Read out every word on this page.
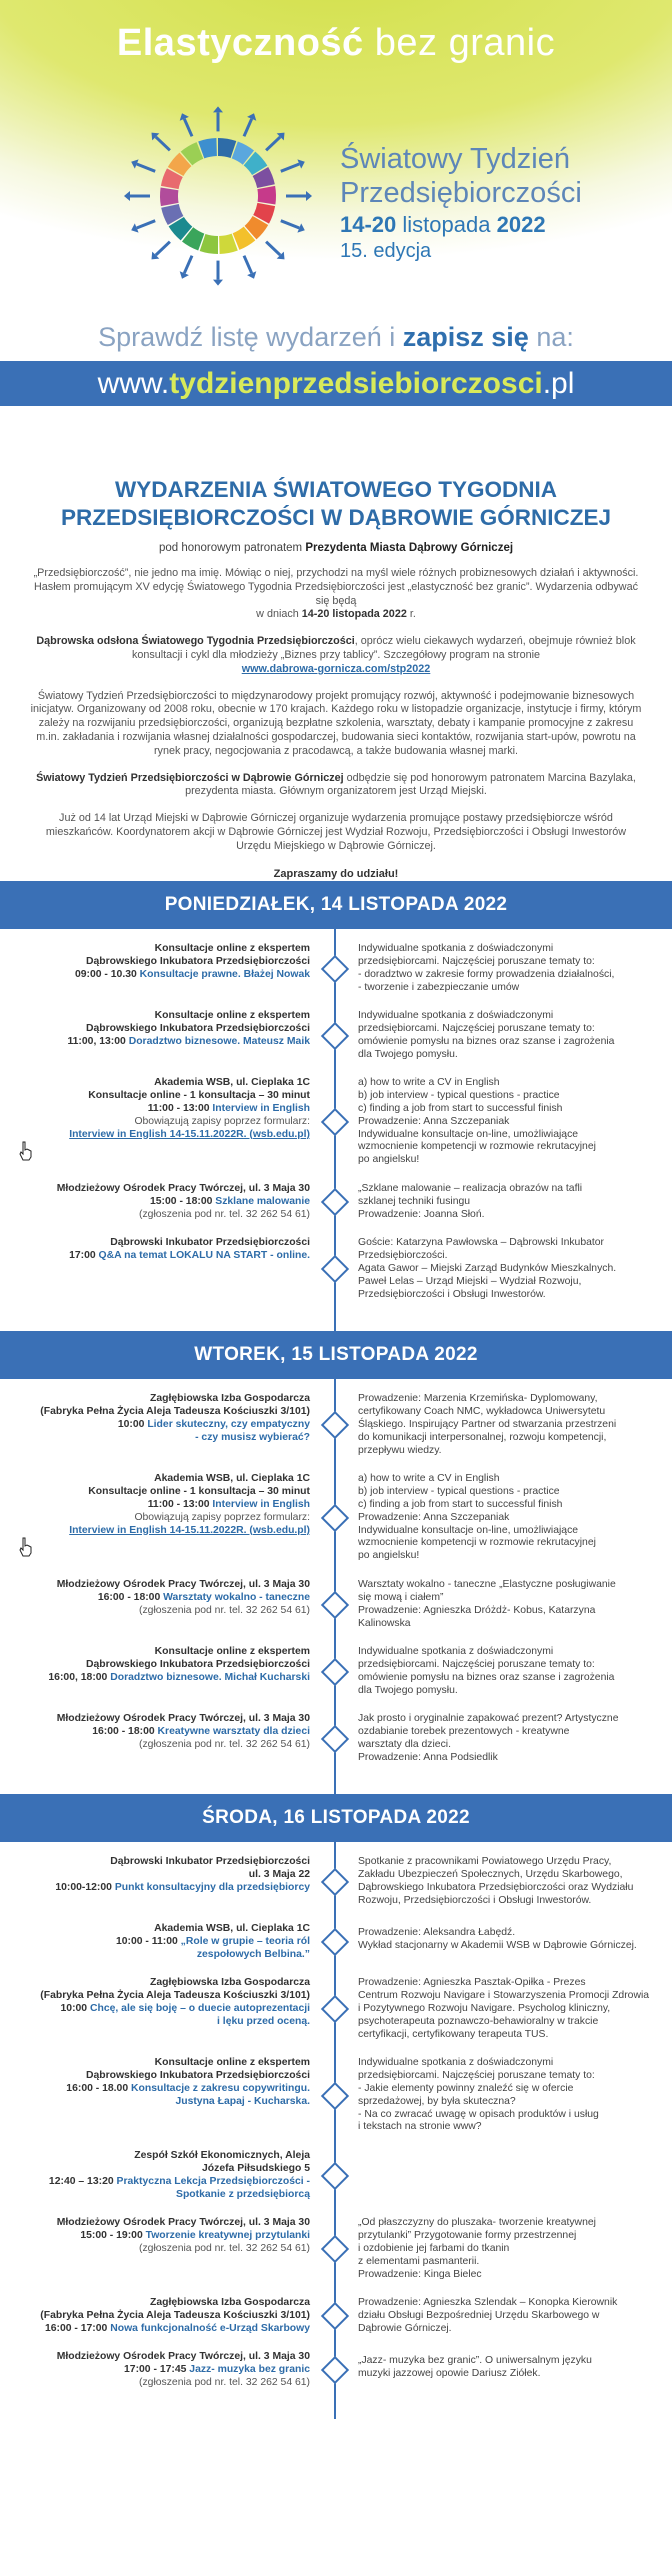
Elastyczność bez granic
Światowy Tydzień
Przedsiębiorczości
14-20 listopada 2022
15. edycja
Sprawdź listę wydarzeń i zapisz się na:
www.tydzienprzedsiebiorczosci.pl
WYDARZENIA ŚWIATOWEGO TYGODNIA
PRZEDSIĘBIORCZOŚCI W DĄBROWIE GÓRNICZEJ
pod honorowym patronatem Prezydenta Miasta Dąbrowy Górniczej

„Przedsiębiorczość”, nie jedno ma imię. Mówiąc o niej, przychodzi na myśl wiele różnych probiznesowych działań i aktywności. Hasłem promującym XV edycję Światowego Tygodnia Przedsiębiorczości jest „elastyczność bez granic”. Wydarzenia odbywać się będą
w dniach 14-20 listopada 2022 r.

Dąbrowska odsłona Światowego Tygodnia Przedsiębiorczości, oprócz wielu ciekawych wydarzeń, obejmuje również blok konsultacji i cykl dla młodzieży „Biznes przy tablicy”. Szczegółowy program na stronie
www.dabrowa-gornicza.com/stp2022

Światowy Tydzień Przedsiębiorczości to międzynarodowy projekt promujący rozwój, aktywność i podejmowanie biznesowych inicjatyw. Organizowany od 2008 roku, obecnie w 170 krajach. Każdego roku w listopadzie organizacje, instytucje i firmy, którym zależy na rozwijaniu przedsiębiorczości, organizują bezpłatne szkolenia, warsztaty, debaty i kampanie promocyjne z zakresu m.in. zakładania i rozwijania własnej działalności gospodarczej, budowania sieci kontaktów, rozwijania start-upów, powrotu na rynek pracy, negocjowania z pracodawcą, a także budowania własnej marki.

Światowy Tydzień Przedsiębiorczości w Dąbrowie Górniczej odbędzie się pod honorowym patronatem Marcina Bazylaka, prezydenta miasta. Głównym organizatorem jest Urząd Miejski.

Już od 14 lat Urząd Miejski w Dąbrowie Górniczej organizuje wydarzenia promujące postawy przedsiębiorcze wśród mieszkańców. Koordynatorem akcji w Dąbrowie Górniczej jest Wydział Rozwoju, Przedsiębiorczości i Obsługi Inwestorów Urzędu Miejskiego w Dąbrowie Górniczej.

Zapraszamy do udziału!

PONIEDZIAŁEK, 14 LISTOPADA 2022
Konsultacje online z ekspertem
Dąbrowskiego Inkubatora Przedsiębiorczości
09:00 - 10.30 Konsultacje prawne. Błażej Nowak
Indywidualne spotkania z doświadczonymi
przedsiębiorcami. Najczęściej poruszane tematy to:
- doradztwo w zakresie formy prowadzenia działalności,
- tworzenie i zabezpieczanie umów
Konsultacje online z ekspertem
Dąbrowskiego Inkubatora Przedsiębiorczości
11:00, 13:00 Doradztwo biznesowe. Mateusz Maik
Indywidualne spotkania z doświadczonymi
przedsiębiorcami. Najczęściej poruszane tematy to:
omówienie pomysłu na biznes oraz szanse i zagrożenia
dla Twojego pomysłu.
Akademia WSB, ul. Cieplaka 1C
Konsultacje online - 1 konsultacja – 30 minut
11:00 - 13:00 Interview in English
Obowiązują zapisy poprzez formularz:
Interview in English 14-15.11.2022R. (wsb.edu.pl)
a) how to write a CV in English
b) job interview - typical questions - practice
c) finding a job from start to successful finish
Prowadzenie: Anna Szczepaniak
Indywidualne konsultacje on-line, umożliwiające
wzmocnienie kompetencji w rozmowie rekrutacyjnej
po angielsku!
Młodzieżowy Ośrodek Pracy Twórczej, ul. 3 Maja 30
15:00 - 18:00 Szklane malowanie
(zgłoszenia pod nr. tel. 32 262 54 61)
„Szklane malowanie – realizacja obrazów na tafli
szklanej techniki fusingu
Prowadzenie: Joanna Słoń.
Dąbrowski Inkubator Przedsiębiorczości
17:00 Q&A na temat LOKALU NA START - online.
Goście: Katarzyna Pawłowska – Dąbrowski Inkubator
Przedsiębiorczości.
Agata Gawor – Miejski Zarząd Budynków Mieszkalnych.
Paweł Lelas – Urząd Miejski – Wydział Rozwoju,
Przedsiębiorczości i Obsługi Inwestorów.
WTOREK, 15 LISTOPADA 2022
Zagłębiowska Izba Gospodarcza
(Fabryka Pełna Życia Aleja Tadeusza Kościuszki 3/101)
10:00 Lider skuteczny, czy empatyczny
- czy musisz wybierać?
Prowadzenie: Marzenia Krzemińska- Dyplomowany,
certyfikowany Coach NMC, wykładowca Uniwersytetu
Śląskiego. Inspirujący Partner od stwarzania przestrzeni
do komunikacji interpersonalnej, rozwoju kompetencji,
przepływu wiedzy.
Akademia WSB, ul. Cieplaka 1C
Konsultacje online - 1 konsultacja – 30 minut
11:00 - 13:00 Interview in English
Obowiązują zapisy poprzez formularz:
Interview in English 14-15.11.2022R. (wsb.edu.pl)
a) how to write a CV in English
b) job interview - typical questions - practice
c) finding a job from start to successful finish
Prowadzenie: Anna Szczepaniak
Indywidualne konsultacje on-line, umożliwiające
wzmocnienie kompetencji w rozmowie rekrutacyjnej
po angielsku!
Młodzieżowy Ośrodek Pracy Twórczej, ul. 3 Maja 30
16:00 - 18:00 Warsztaty wokalno - taneczne
(zgłoszenia pod nr. tel. 32 262 54 61)
Warsztaty wokalno - taneczne „Elastyczne posługiwanie
się mową i ciałem”
Prowadzenie: Agnieszka Dróżdż- Kobus, Katarzyna
Kalinowska
Konsultacje online z ekspertem
Dąbrowskiego Inkubatora Przedsiębiorczości
16:00, 18:00 Doradztwo biznesowe. Michał Kucharski
Indywidualne spotkania z doświadczonymi
przedsiębiorcami. Najczęściej poruszane tematy to:
omówienie pomysłu na biznes oraz szanse i zagrożenia
dla Twojego pomysłu.
Młodzieżowy Ośrodek Pracy Twórczej, ul. 3 Maja 30
16:00 - 18:00 Kreatywne warsztaty dla dzieci
(zgłoszenia pod nr. tel. 32 262 54 61)
Jak prosto i oryginalnie zapakować prezent? Artystyczne
ozdabianie torebek prezentowych - kreatywne
warsztaty dla dzieci.
Prowadzenie: Anna Podsiedlik
ŚRODA, 16 LISTOPADA 2022
Dąbrowski Inkubator Przedsiębiorczości
ul. 3 Maja 22
10:00-12:00 Punkt konsultacyjny dla przedsiębiorcy
Spotkanie z pracownikami Powiatowego Urzędu Pracy,
Zakładu Ubezpieczeń Społecznych, Urzędu Skarbowego,
Dąbrowskiego Inkubatora Przedsiębiorczości oraz Wydziału
Rozwoju, Przedsiębiorczości i Obsługi Inwestorów.
Akademia WSB, ul. Cieplaka 1C
10:00 - 11:00 „Role w grupie – teoria ról
zespołowych Belbina.”
Prowadzenie: Aleksandra Łabędź.
Wykład stacjonarny w Akademii WSB w Dąbrowie Górniczej.
Zagłębiowska Izba Gospodarcza
(Fabryka Pełna Życia Aleja Tadeusza Kościuszki 3/101)
10:00 Chcę, ale się boję – o duecie autoprezentacji
i lęku przed oceną.
Prowadzenie: Agnieszka Pasztak-Opiłka - Prezes
Centrum Rozwoju Navigare i Stowarzyszenia Promocji Zdrowia
i Pozytywnego Rozwoju Navigare. Psycholog kliniczny,
psychoterapeuta poznawczo-behawioralny w trakcie
certyfikacji, certyfikowany terapeuta TUS.
Konsultacje online z ekspertem
Dąbrowskiego Inkubatora Przedsiębiorczości
16:00 - 18.00 Konsultacje z zakresu copywritingu.
Justyna Łapaj - Kucharska.
Indywidualne spotkania z doświadczonymi
przedsiębiorcami. Najczęściej poruszane tematy to:
- Jakie elementy powinny znaleźć się w ofercie
sprzedażowej, by była skuteczna?
- Na co zwracać uwagę w opisach produktów i usług
i tekstach na stronie www?
Zespół Szkół Ekonomicznych, Aleja
Józefa Piłsudskiego 5
12:40 – 13:20 Praktyczna Lekcja Przedsiębiorczości -
Spotkanie z przedsiębiorcą
Młodzieżowy Ośrodek Pracy Twórczej, ul. 3 Maja 30
15:00 - 19:00 Tworzenie kreatywnej przytulanki
(zgłoszenia pod nr. tel. 32 262 54 61)
„Od płaszczyzny do pluszaka- tworzenie kreatywnej
przytulanki” Przygotowanie formy przestrzennej
i ozdobienie jej farbami do tkanin
z elementami pasmanterii.
Prowadzenie: Kinga Bielec
Zagłębiowska Izba Gospodarcza
(Fabryka Pełna Życia Aleja Tadeusza Kościuszki 3/101)
16:00 - 17:00 Nowa funkcjonalność e-Urząd Skarbowy
Prowadzenie: Agnieszka Szlendak – Konopka Kierownik
działu Obsługi Bezpośredniej Urzędu Skarbowego w
Dąbrowie Górniczej.
Młodzieżowy Ośrodek Pracy Twórczej, ul. 3 Maja 30
17:00 - 17:45 Jazz- muzyka bez granic
(zgłoszenia pod nr. tel. 32 262 54 61)
„Jazz- muzyka bez granic”. O uniwersalnym języku
muzyki jazzowej opowie Dariusz Ziółek.
